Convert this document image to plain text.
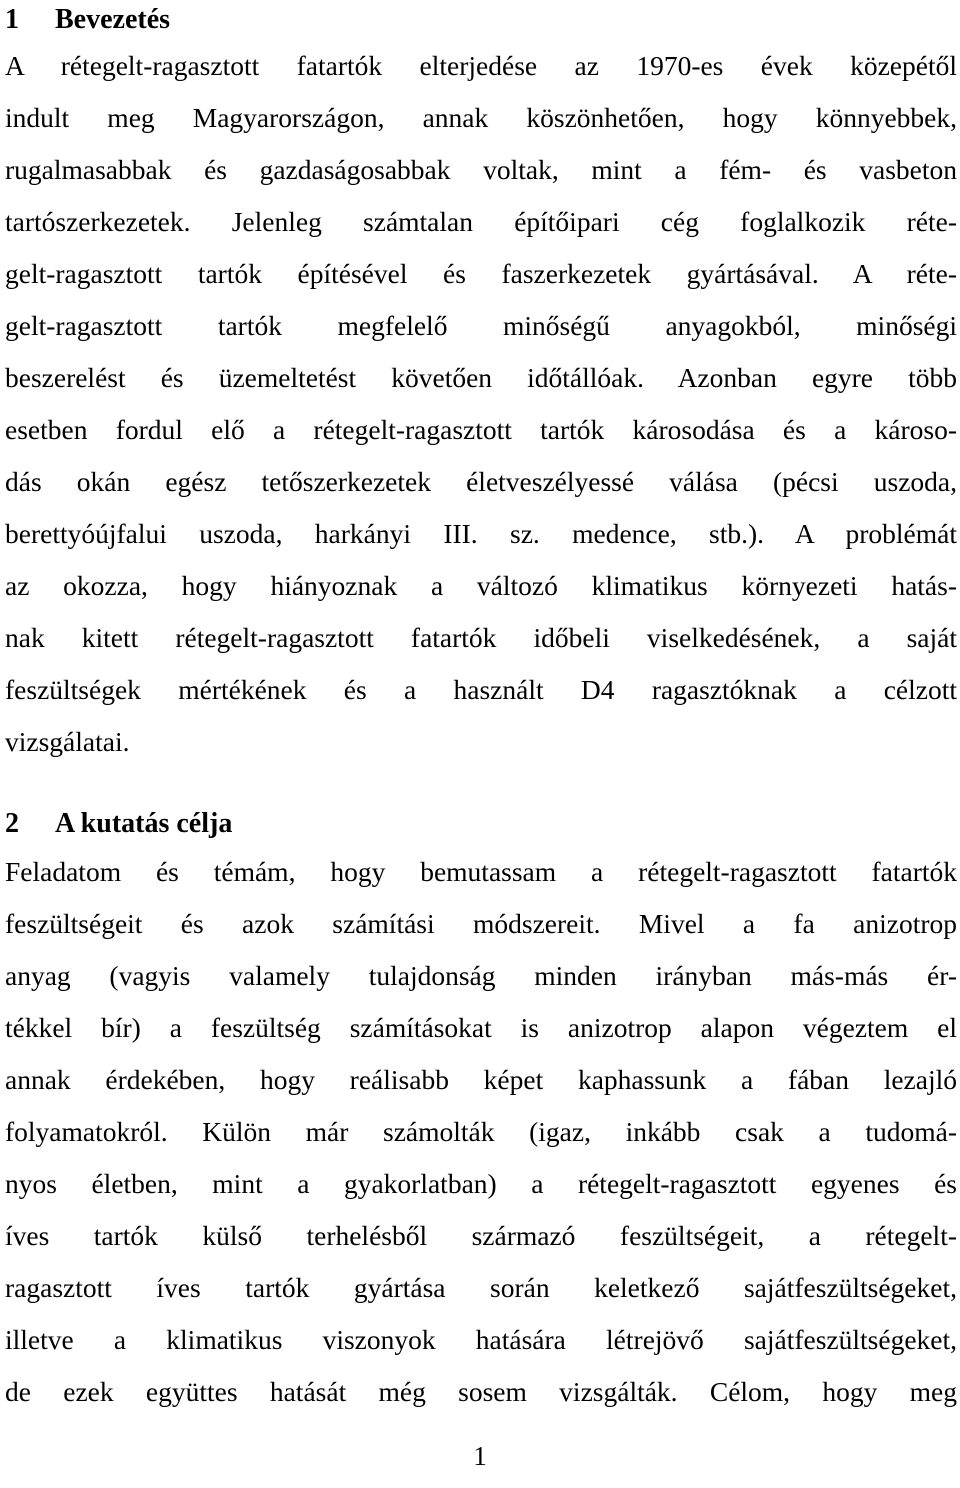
1 Bevezetés
A rétegelt-ragasztott fatartók elterjedése az 1970-es évek közepétől
indult meg Magyarországon, annak köszönhetően, hogy könnyebbek,
rugalmasabbak és gazdaságosabbak voltak, mint a fém- és vasbeton
tartószerkezetek. Jelenleg számtalan építőipari cég foglalkozik réte-
gelt-ragasztott tartók építésével és faszerkezetek gyártásával. A réte-
gelt-ragasztott tartók megfelelő minőségű anyagokból, minőségi
beszerelést és üzemeltetést követően időtállóak. Azonban egyre több
esetben fordul elő a rétegelt-ragasztott tartók károsodása és a károso-
dás okán egész tetőszerkezetek életveszélyessé válása (pécsi uszoda,
berettyóújfalui uszoda, harkányi III. sz. medence, stb.). A problémát
az okozza, hogy hiányoznak a változó klimatikus környezeti hatás-
nak kitett rétegelt-ragasztott fatartók időbeli viselkedésének, a saját
feszültségek mértékének és a használt D4 ragasztóknak a célzott
vizsgálatai.
2 A kutatás célja
Feladatom és témám, hogy bemutassam a rétegelt-ragasztott fatartók
feszültségeit és azok számítási módszereit. Mivel a fa anizotrop
anyag (vagyis valamely tulajdonság minden irányban más-más ér-
tékkel bír) a feszültség számításokat is anizotrop alapon végeztem el
annak érdekében, hogy reálisabb képet kaphassunk a fában lezajló
folyamatokról. Külön már számolták (igaz, inkább csak a tudomá-
nyos életben, mint a gyakorlatban) a rétegelt-ragasztott egyenes és
íves tartók külső terhelésből származó feszültségeit, a rétegelt-
ragasztott íves tartók gyártása során keletkező sajátfeszültségeket,
illetve a klimatikus viszonyok hatására létrejövő sajátfeszültségeket,
de ezek együttes hatását még sosem vizsgálták. Célom, hogy meg
1
